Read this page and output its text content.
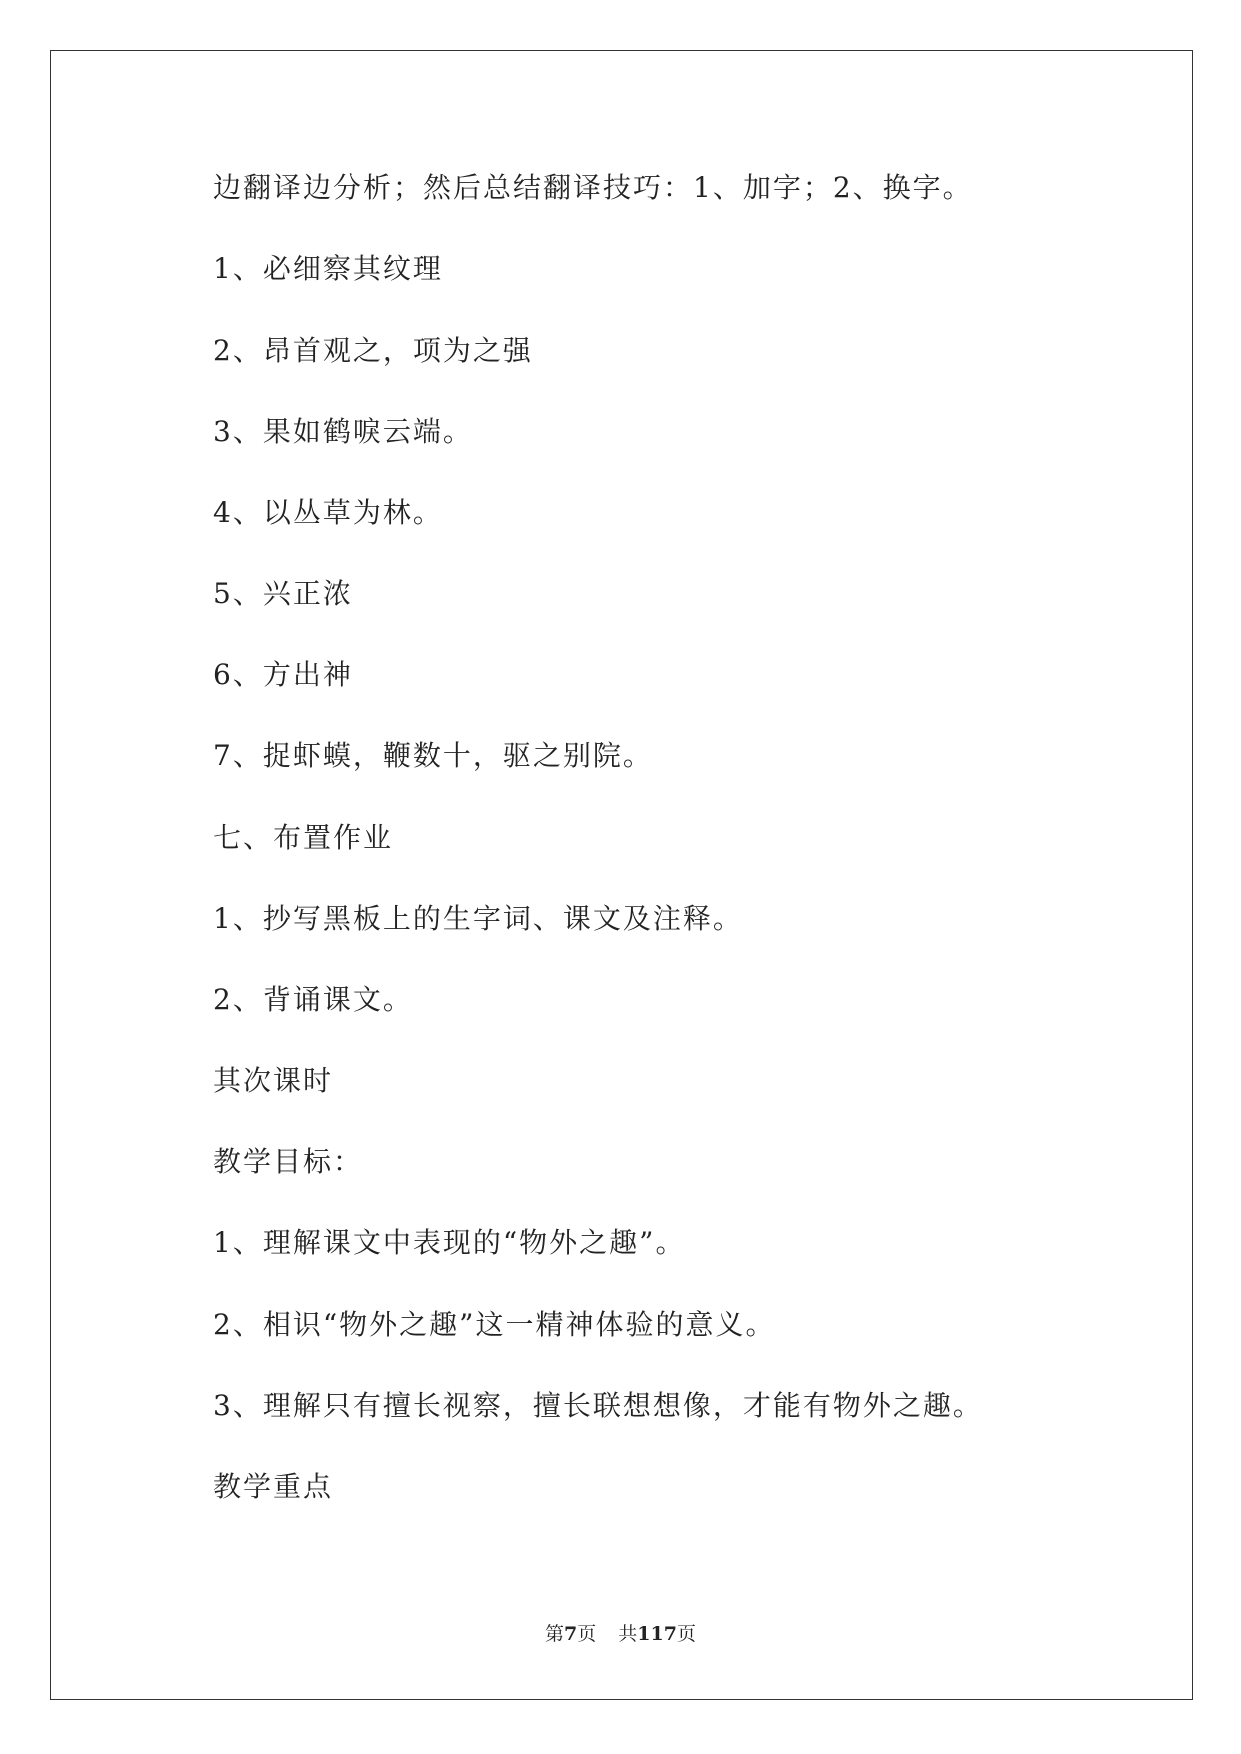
边翻译边分析；然后总结翻译技巧：1、加字；2、换字。
1、必细察其纹理
2、昂首观之，项为之强
3、果如鹤唳云端。
4、以丛草为林。
5、兴正浓
6、方出神
7、捉虾蟆，鞭数十，驱之别院。
七、布置作业
1、抄写黑板上的生字词、课文及注释。
2、背诵课文。
其次课时
教学目标：
1、理解课文中表现的“物外之趣”。
2、相识“物外之趣”这一精神体验的意义。
3、理解只有擅长视察，擅长联想想像，才能有物外之趣。
教学重点
第7页 共117页
